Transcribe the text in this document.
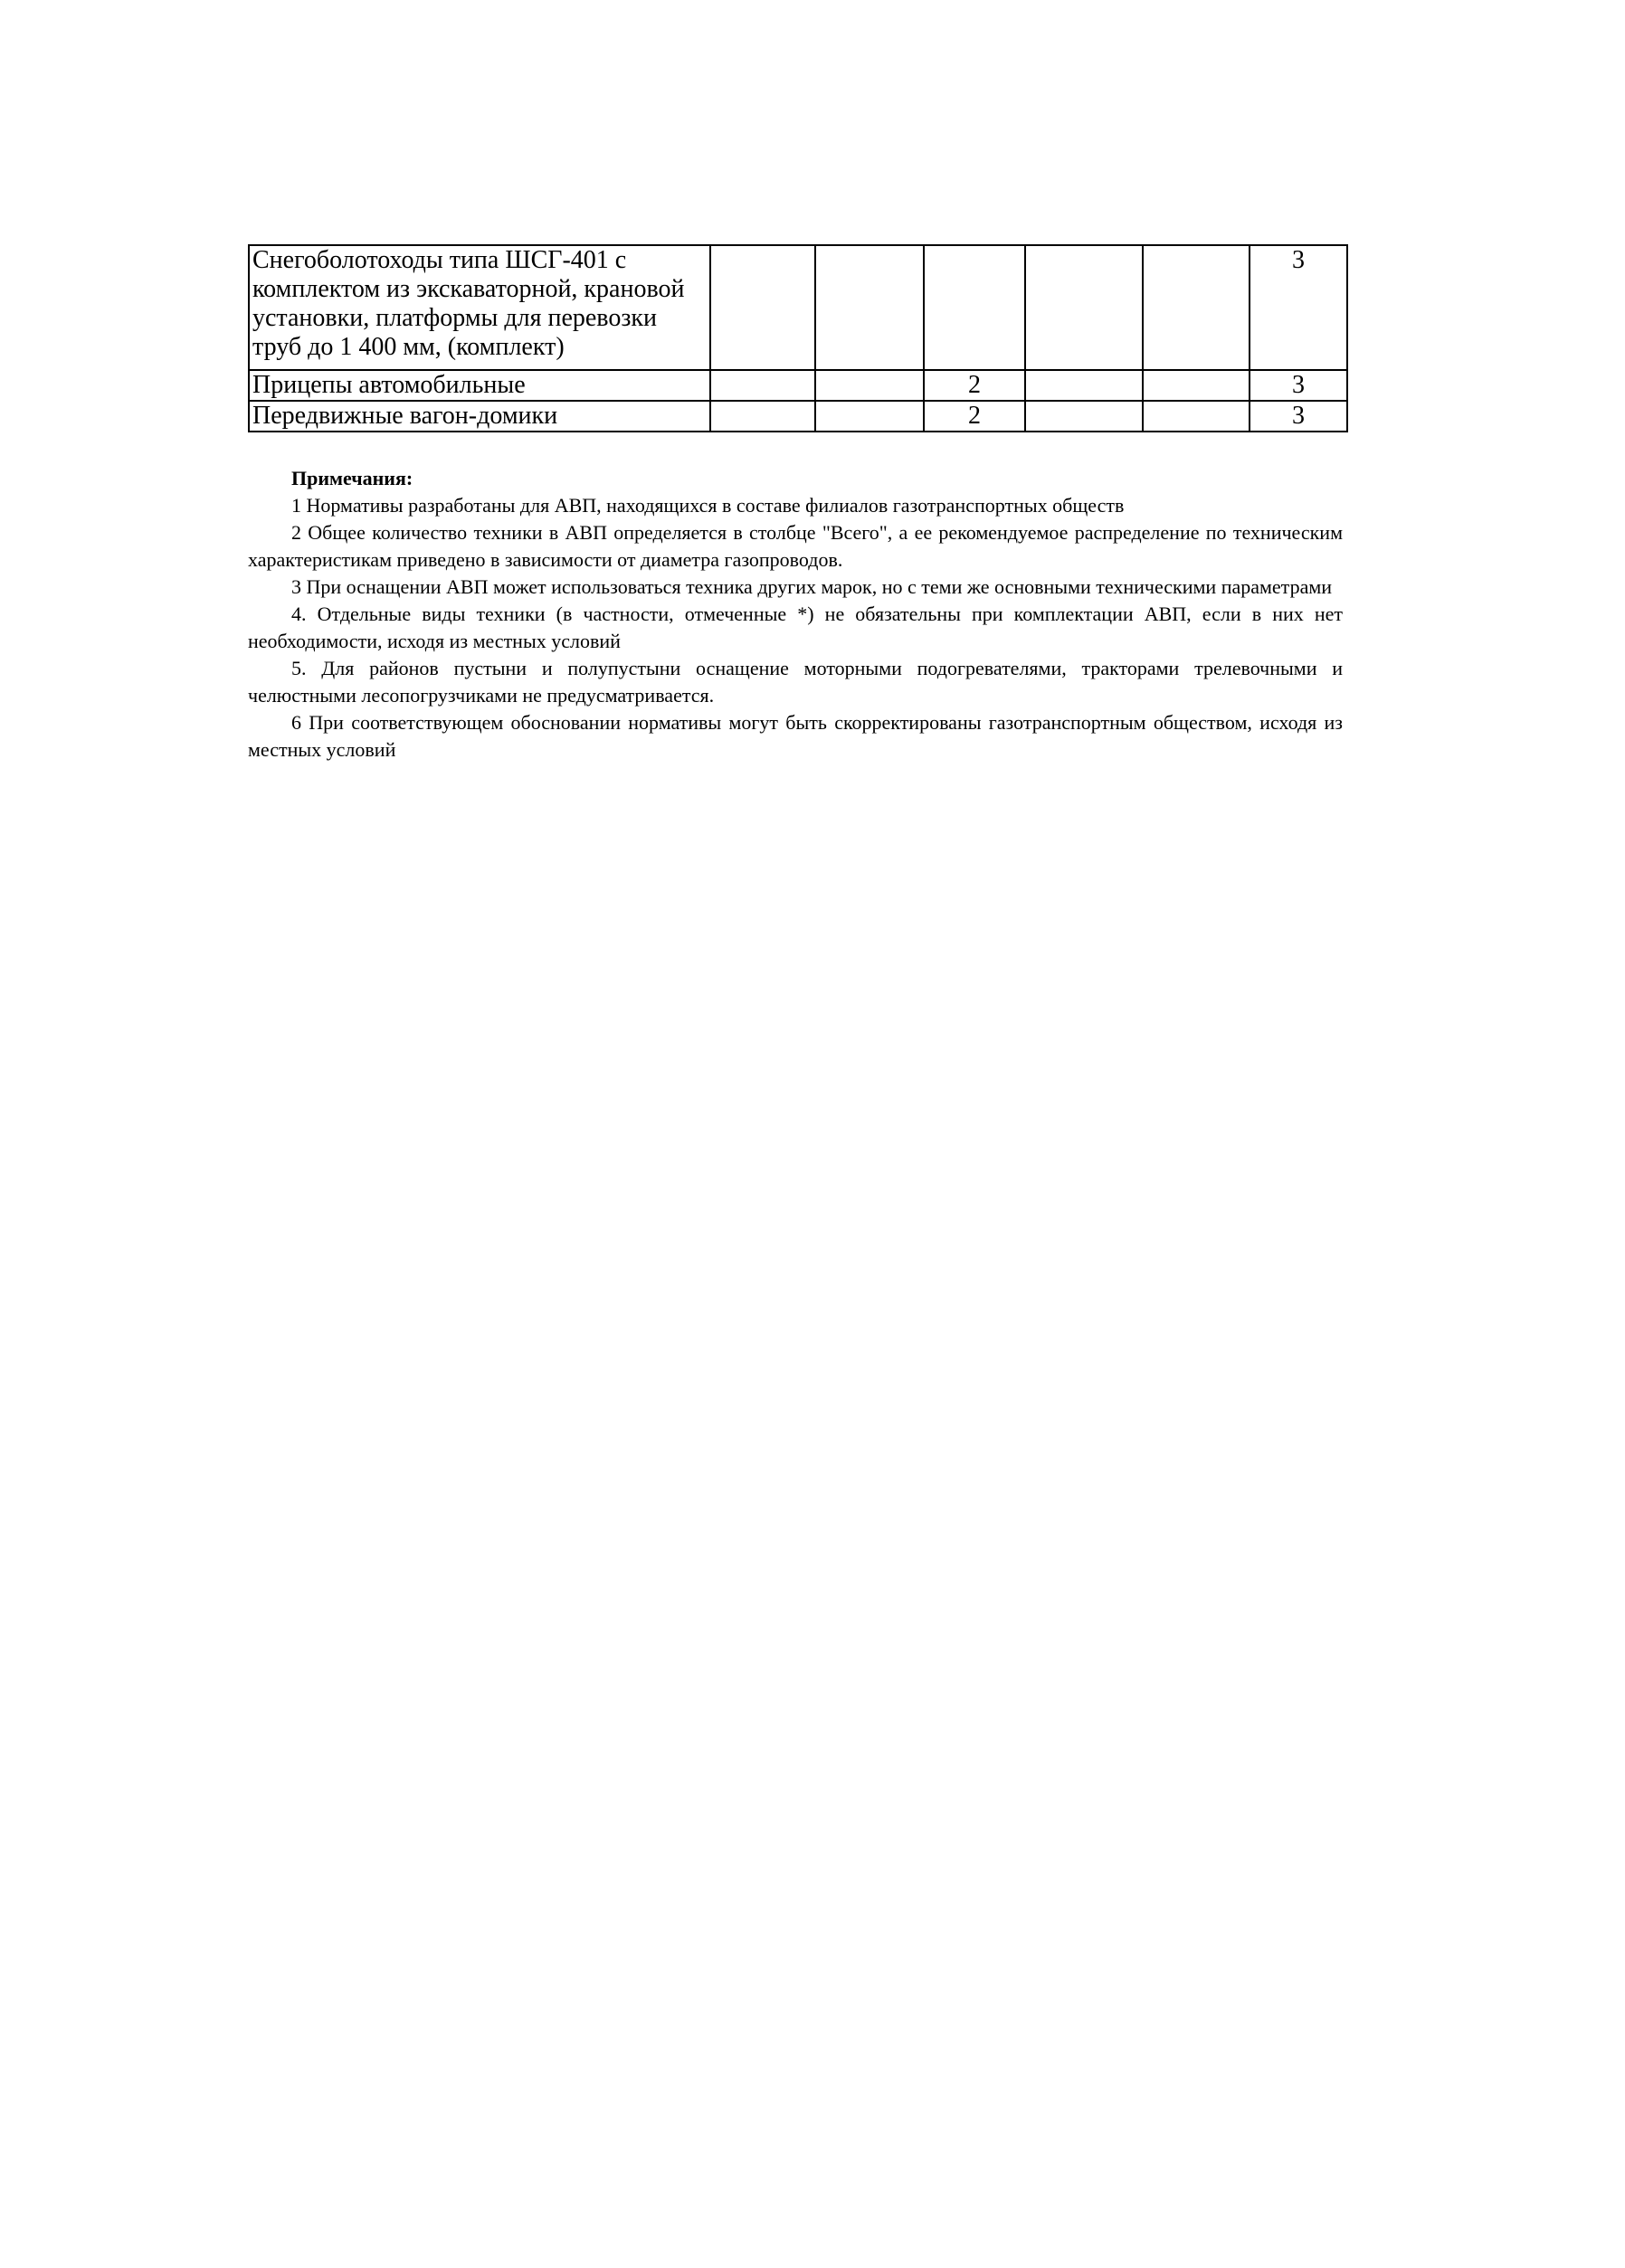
Снегоболотоходы типа ШСГ-401 с комплектом из экскаваторной, крановой установки, платформы для перевозки труб до 1 400 мм, (комплект)						3
Прицепы автомобильные			2			3
Передвижные вагон-домики			2			3

Примечания:

1 Нормативы разработаны для АВП, находящихся в составе филиалов газотранспортных обществ

2 Общее количество техники в АВП определяется в столбце "Всего", а ее рекомендуемое распределение по техническим характеристикам приведено в зависимости от диаметра газопроводов.

3 При оснащении АВП может использоваться техника других марок, но с теми же основными техническими параметрами

4. Отдельные виды техники (в частности, отмеченные *) не обязательны при комплектации АВП, если в них нет необходимости, исходя из местных условий

5. Для районов пустыни и полупустыни оснащение моторными подогревателями, тракторами трелевочными и челюстными лесопогрузчиками не предусматривается.

6 При соответствующем обосновании нормативы могут быть скорректированы газотранспортным обществом, исходя из местных условий
